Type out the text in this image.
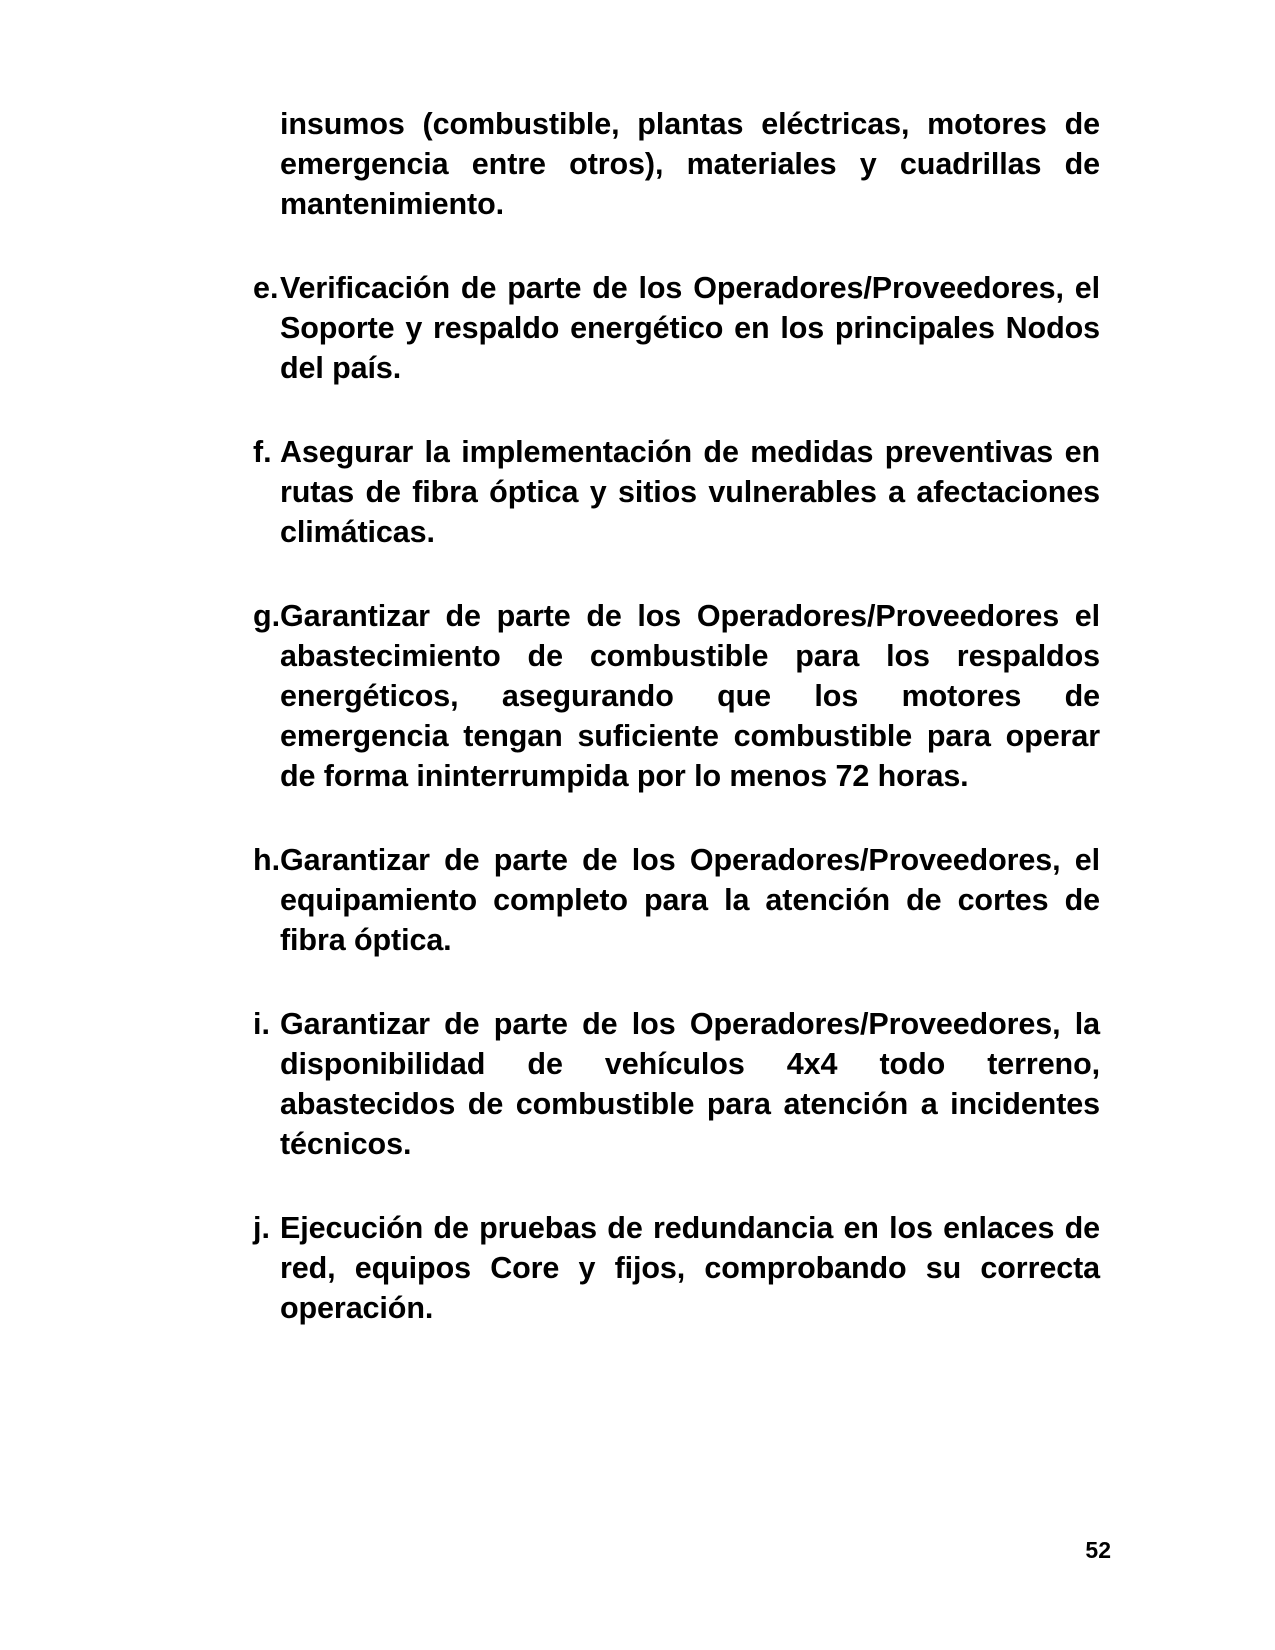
insumos (combustible, plantas eléctricas, motores de emergencia entre otros), materiales y cuadrillas de mantenimiento.

e. Verificación de parte de los Operadores/Proveedores, el Soporte y respaldo energético en los principales Nodos del país.
f. Asegurar la implementación de medidas preventivas en rutas de fibra óptica y sitios vulnerables a afectaciones climáticas.
g. Garantizar de parte de los Operadores/Proveedores el abastecimiento de combustible para los respaldos energéticos, asegurando que los motores de emergencia tengan suficiente combustible para operar de forma ininterrumpida por lo menos 72 horas.
h. Garantizar de parte de los Operadores/Proveedores, el equipamiento completo para la atención de cortes de fibra óptica.
i. Garantizar de parte de los Operadores/Proveedores, la disponibilidad de vehículos 4x4 todo terreno, abastecidos de combustible para atención a incidentes técnicos.
j. Ejecución de pruebas de redundancia en los enlaces de red, equipos Core y fijos, comprobando su correcta operación.
52
